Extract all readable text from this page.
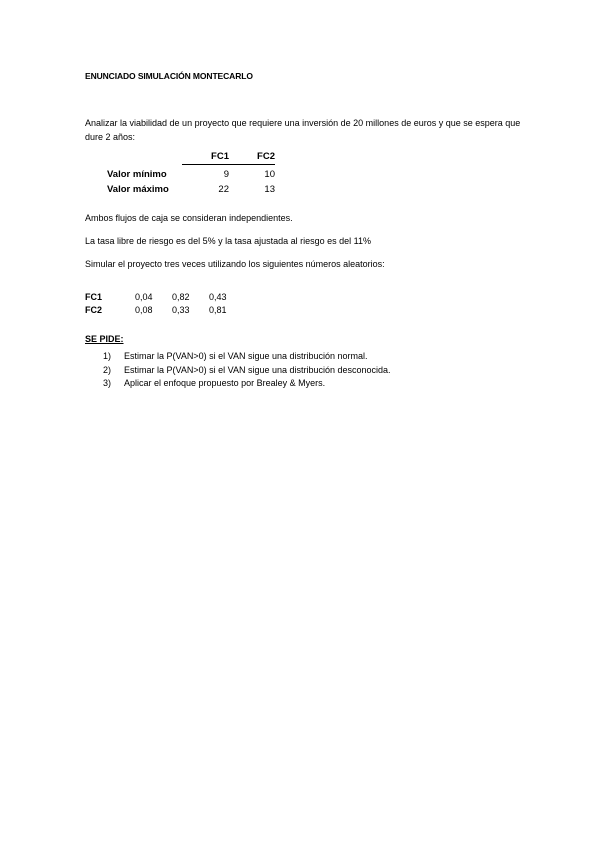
ENUNCIADO SIMULACIÓN MONTECARLO
Analizar la viabilidad de un proyecto que requiere una inversión de 20 millones de euros y que se espera que dure 2 años:
	FC1	FC2
Valor mínimo	9	10
Valor máximo	22	13
Ambos flujos de caja se consideran independientes.
La tasa libre de riesgo es del 5% y la tasa ajustada al riesgo es del 11%
Simular el proyecto tres veces utilizando los siguientes números aleatorios:
FC1	0,04	0,82	0,43
FC2	0,08	0,33	0,81
SE PIDE:
1) Estimar la P(VAN>0) si el VAN sigue una distribución normal.
2) Estimar la P(VAN>0) si el VAN sigue una distribución desconocida.
3) Aplicar el enfoque propuesto por Brealey & Myers.
